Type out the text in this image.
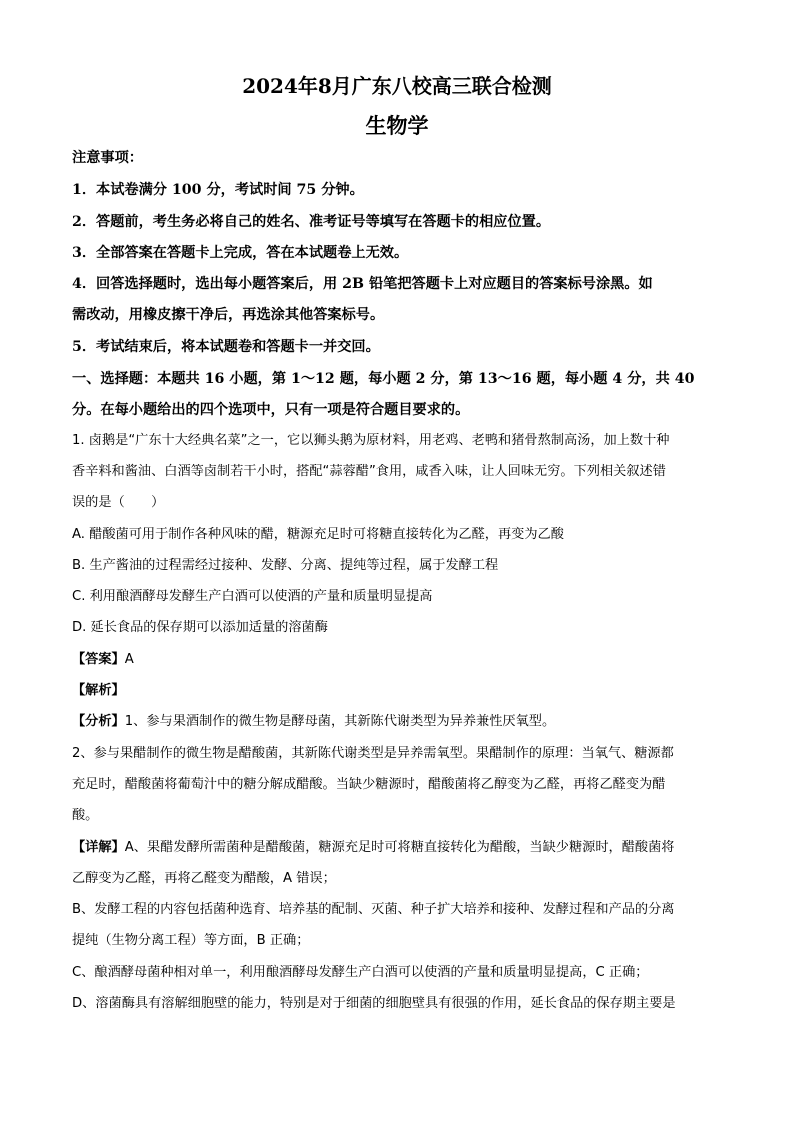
2024年8月广东八校高三联合检测
生物学
注意事项：
1．本试卷满分 100 分，考试时间 75 分钟。
2．答题前，考生务必将自己的姓名、准考证号等填写在答题卡的相应位置。
3．全部答案在答题卡上完成，答在本试题卷上无效。
4．回答选择题时，选出每小题答案后，用 2B 铅笔把答题卡上对应题目的答案标号涂黑。如
需改动，用橡皮擦干净后，再选涂其他答案标号。
5．考试结束后，将本试题卷和答题卡一并交回。
一、选择题：本题共 16 小题，第 1～12 题，每小题 2 分，第 13～16 题，每小题 4 分，共 40
分。在每小题给出的四个选项中，只有一项是符合题目要求的。
1. 卤鹅是“广东十大经典名菜”之一，它以狮头鹅为原材料，用老鸡、老鸭和猪骨熬制高汤，加上数十种
香辛料和酱油、白酒等卤制若干小时，搭配“蒜蓉醋”食用，咸香入味，让人回味无穷。下列相关叙述错
误的是（　　）
A. 醋酸菌可用于制作各种风味的醋，糖源充足时可将糖直接转化为乙醛，再变为乙酸
B. 生产酱油的过程需经过接种、发酵、分离、提纯等过程，属于发酵工程
C. 利用酿酒酵母发酵生产白酒可以使酒的产量和质量明显提高
D. 延长食品的保存期可以添加适量的溶菌酶
【答案】A
【解析】
【分析】1、参与果酒制作的微生物是酵母菌，其新陈代谢类型为异养兼性厌氧型。
2、参与果醋制作的微生物是醋酸菌，其新陈代谢类型是异养需氧型。果醋制作的原理：当氧气、糖源都
充足时，醋酸菌将葡萄汁中的糖分解成醋酸。当缺少糖源时，醋酸菌将乙醇变为乙醛，再将乙醛变为醋
酸。
【详解】A、果醋发酵所需菌种是醋酸菌，糖源充足时可将糖直接转化为醋酸，当缺少糖源时，醋酸菌将
乙醇变为乙醛，再将乙醛变为醋酸，A 错误；
B、发酵工程的内容包括菌种选育、培养基的配制、灭菌、种子扩大培养和接种、发酵过程和产品的分离
提纯（生物分离工程）等方面，B 正确；
C、酿酒酵母菌种相对单一，利用酿酒酵母发酵生产白酒可以使酒的产量和质量明显提高，C 正确；
D、溶菌酶具有溶解细胞壁的能力，特别是对于细菌的细胞壁具有很强的作用，延长食品的保存期主要是
